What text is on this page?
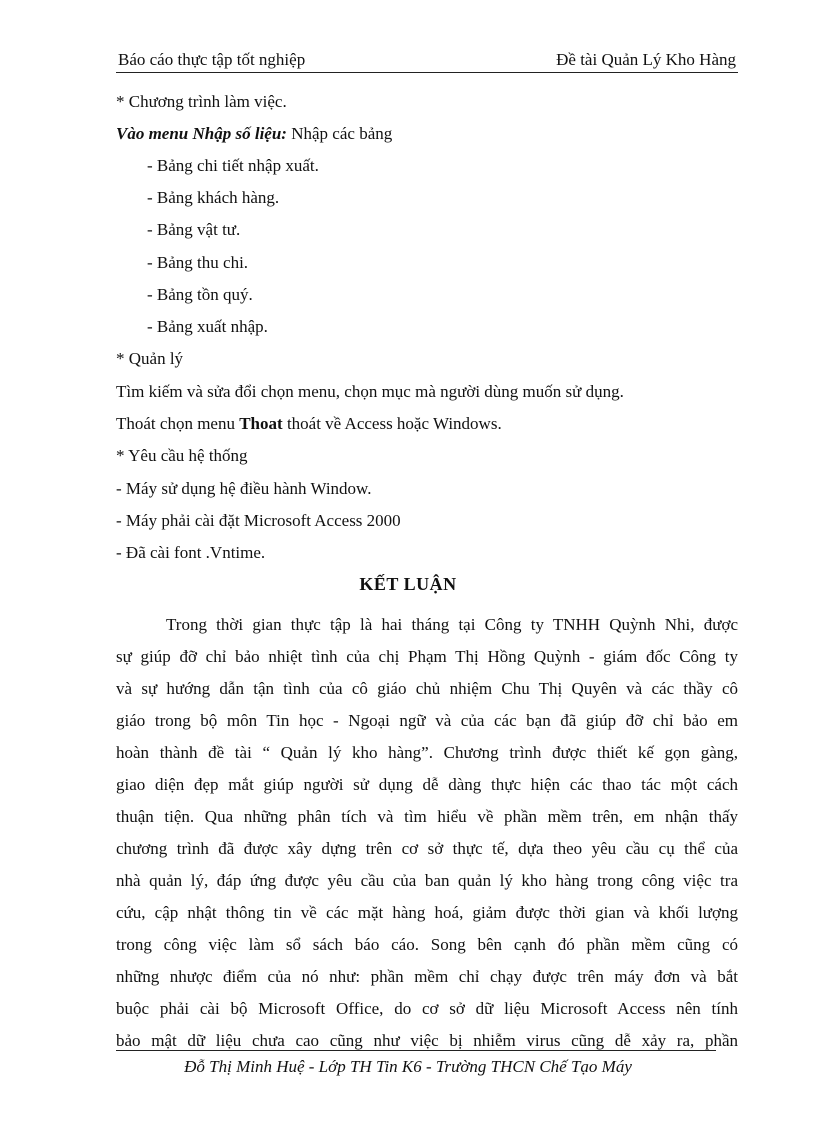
Báo cáo thực tập tốt nghiệp	Đề tài Quản Lý Kho Hàng
* Chương trình làm việc.
Vào menu Nhập số liệu: Nhập các bảng
- Bảng chi tiết nhập xuất.
- Bảng khách hàng.
- Bảng vật tư.
- Bảng thu chi.
- Bảng tồn quý.
- Bảng xuất nhập.
* Quản lý
Tìm kiếm và sửa đổi chọn menu, chọn mục mà người dùng muốn sử dụng.
Thoát chọn menu Thoat thoát về Access hoặc Windows.
* Yêu cầu hệ thống
- Máy sử dụng hệ điều hành Window.
- Máy phải cài đặt Microsoft Access 2000
- Đã cài font .Vntime.
KẾT LUẬN
Trong thời gian thực tập là hai tháng tại Công ty TNHH Quỳnh Nhi, được
sự giúp đỡ chỉ bảo nhiệt tình của chị Phạm Thị Hồng Quỳnh - giám đốc Công ty
và sự hướng dẫn tận tình của cô giáo chủ nhiệm Chu Thị Quyên và các thầy cô
giáo trong bộ môn Tin học - Ngoại ngữ và của các bạn đã giúp đỡ chỉ bảo em
hoàn thành đề tài “ Quản lý kho hàng”. Chương trình được thiết kế gọn gàng,
giao diện đẹp mắt giúp người sử dụng dễ dàng thực hiện các thao tác một cách
thuận tiện. Qua những phân tích và tìm hiểu về phần mềm trên, em nhận thấy
chương trình đã được xây dựng trên cơ sở thực tế, dựa theo yêu cầu cụ thể của
nhà quản lý, đáp ứng được yêu cầu của ban quản lý kho hàng trong công việc tra
cứu, cập nhật thông tin về các mặt hàng hoá, giảm được thời gian và khối lượng
trong công việc làm sổ sách báo cáo. Song bên cạnh đó phần mềm cũng có
những nhược điểm của nó như: phần mềm chỉ chạy được trên máy đơn và bắt
buộc phải cài bộ Microsoft Office, do cơ sở dữ liệu Microsoft Access nên tính
bảo mật dữ liệu chưa cao cũng như việc bị nhiễm virus cũng dễ xảy ra, phần
Đỗ Thị Minh Huệ - Lớp TH Tin K6 - Trường THCN Chế Tạo Máy
